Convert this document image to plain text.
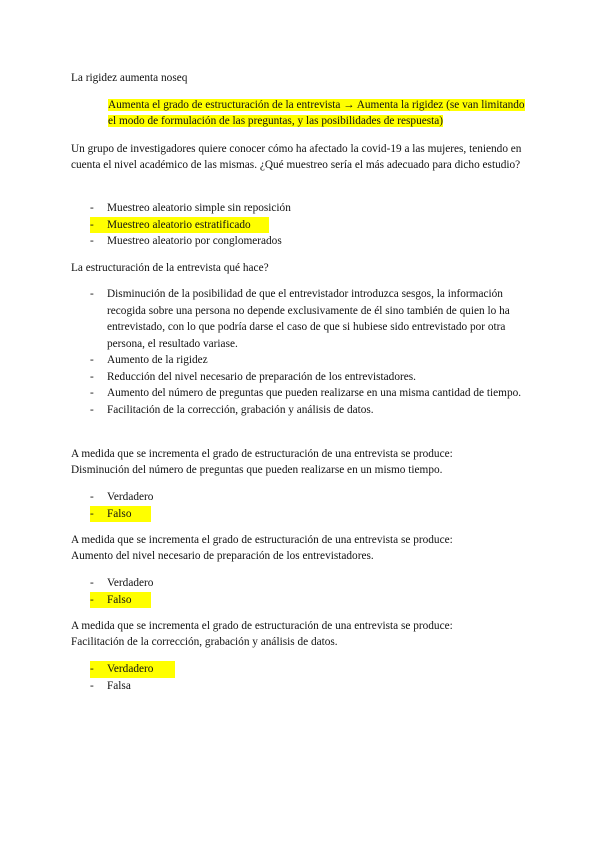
La rigidez aumenta noseq

Aumenta el grado de estructuración de la entrevista → Aumenta la rigidez (se van limitando el modo de formulación de las preguntas, y las posibilidades de respuesta)

Un grupo de investigadores quiere conocer cómo ha afectado la covid-19 a las mujeres, teniendo en cuenta el nivel académico de las mismas. ¿Qué muestreo sería el más adecuado para dicho estudio?

- Muestreo aleatorio simple sin reposición
- Muestreo aleatorio estratificado
- Muestreo aleatorio por conglomerados

La estructuración de la entrevista qué hace?

- Disminución de la posibilidad de que el entrevistador introduzca sesgos, la información recogida sobre una persona no depende exclusivamente de él sino también de quien lo ha entrevistado, con lo que podría darse el caso de que si hubiese sido entrevistado por otra persona, el resultado variase.
- Aumento de la rigidez
- Reducción del nivel necesario de preparación de los entrevistadores.
- Aumento del número de preguntas que pueden realizarse en una misma cantidad de tiempo.
- Facilitación de la corrección, grabación y análisis de datos.

A medida que se incrementa el grado de estructuración de una entrevista se produce:

Disminución del número de preguntas que pueden realizarse en un mismo tiempo.

- Verdadero
- Falso

A medida que se incrementa el grado de estructuración de una entrevista se produce:

Aumento del nivel necesario de preparación de los entrevistadores.

- Verdadero
- Falso

A medida que se incrementa el grado de estructuración de una entrevista se produce:

Facilitación de la corrección, grabación y análisis de datos.

- Verdadero
- Falsa
